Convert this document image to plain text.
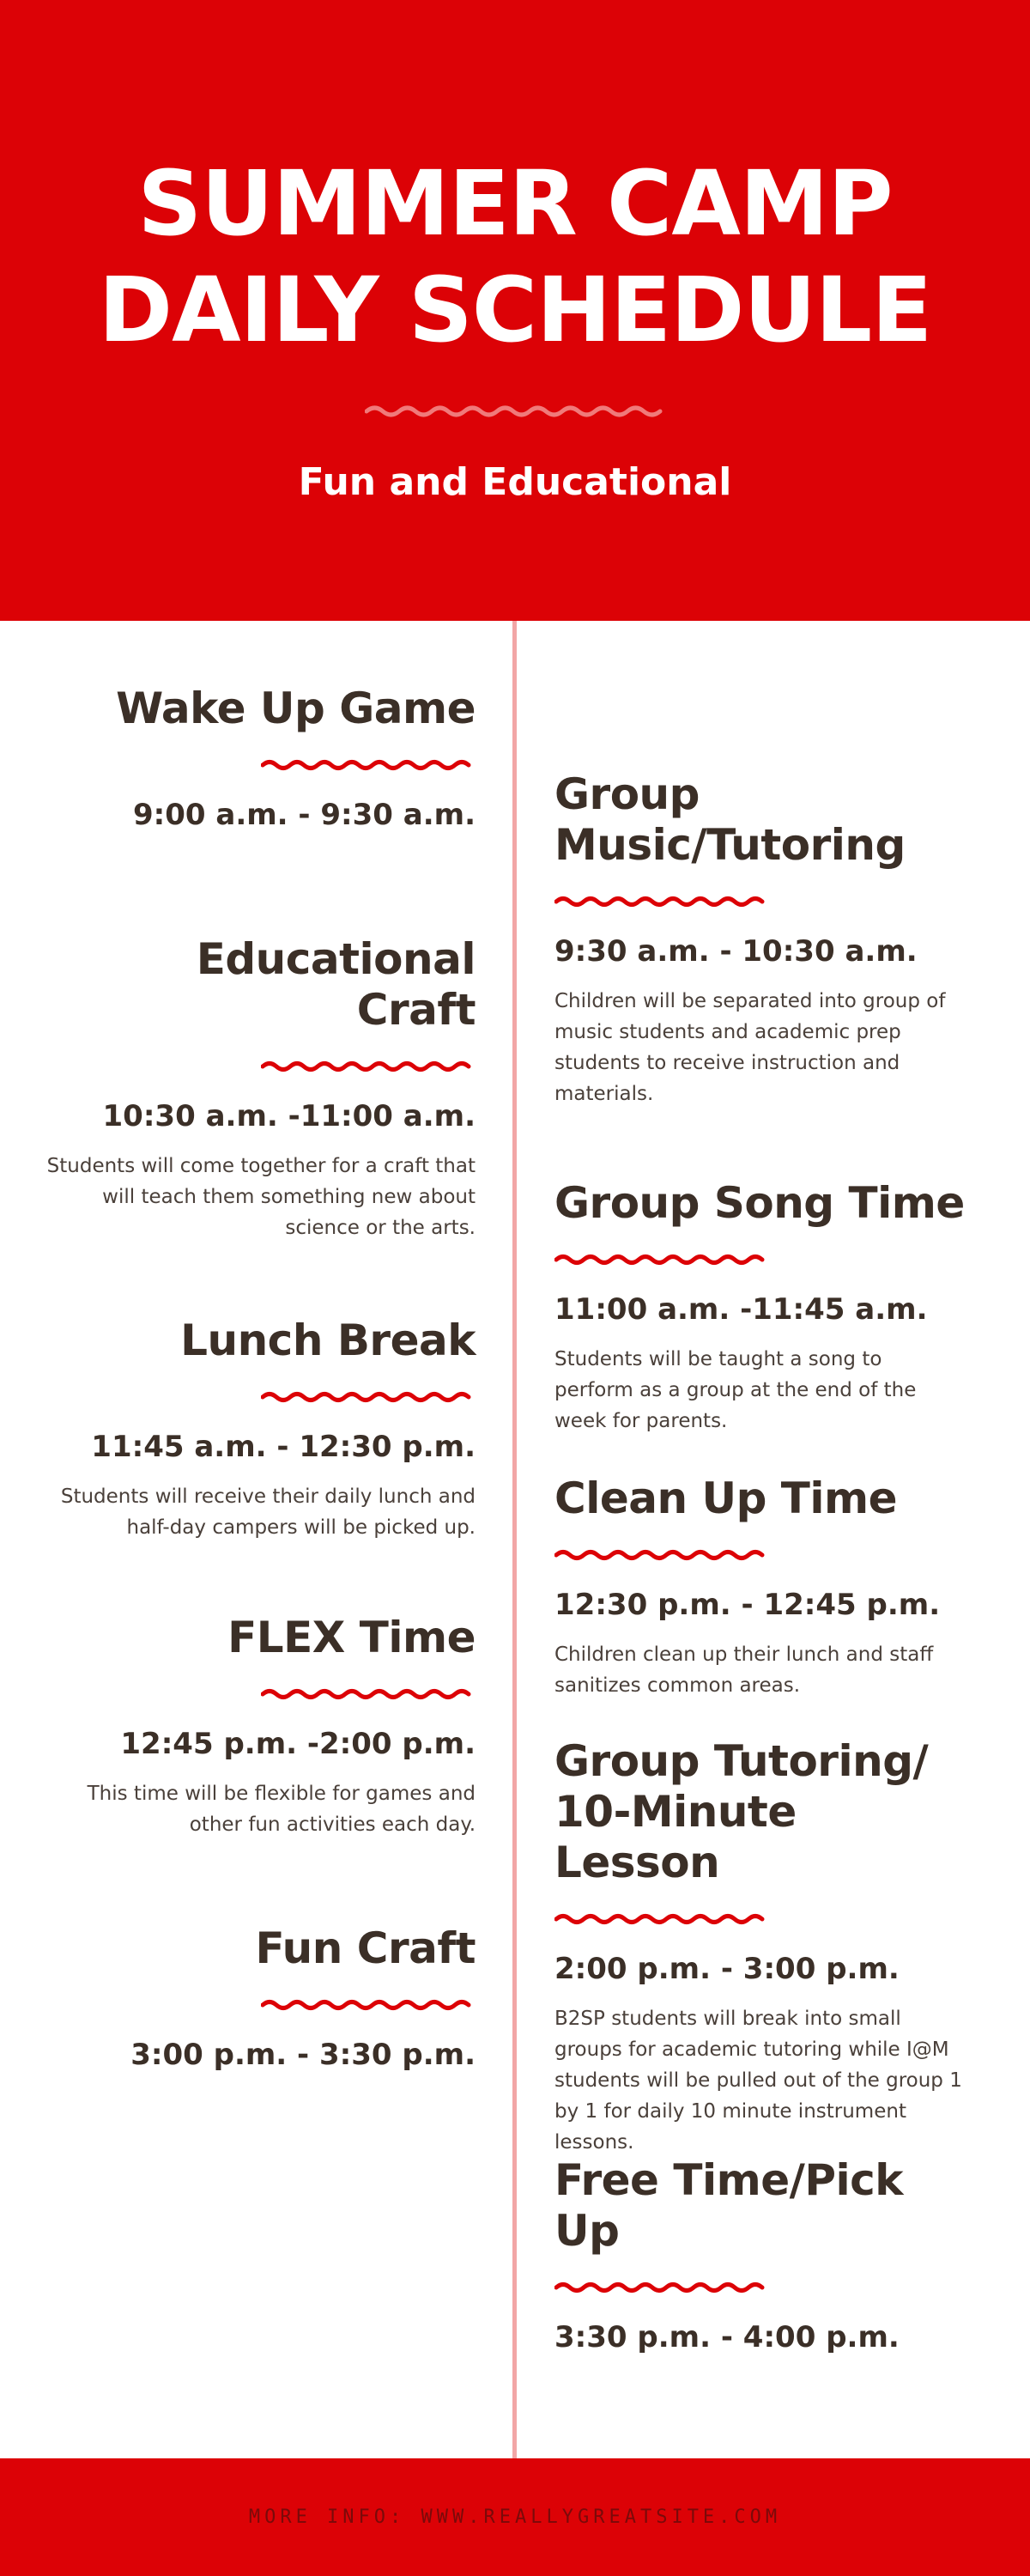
SUMMER CAMP
DAILY SCHEDULE
Fun and Educational
Wake Up Game
9:00 a.m. - 9:30 a.m.
Educational
Craft
10:30 a.m. -11:00 a.m.
Students will come together for a craft that will teach them something new about science or the arts.
Lunch Break
11:45 a.m. - 12:30 p.m.
Students will receive their daily lunch and half-day campers will be picked up.
FLEX Time
12:45 p.m. -2:00 p.m.
This time will be flexible for games and other fun activities each day.
Fun Craft
3:00 p.m. - 3:30 p.m.
Group Music/Tutoring
9:30 a.m. - 10:30 a.m.
Children will be separated into group of music students and academic prep students to receive instruction and materials.
Group Song Time
11:00 a.m. -11:45 a.m.
Students will be taught a song to perform as a group at the end of the week for parents.
Clean Up Time
12:30 p.m. - 12:45 p.m.
Children clean up their lunch and staff sanitizes common areas.
Group Tutoring/
10-Minute Lesson
2:00 p.m. - 3:00 p.m.
B2SP students will break into small groups for academic tutoring while I@M students will be pulled out of the group 1 by 1 for daily 10 minute instrument lessons.
Free Time/Pick Up
3:30 p.m. - 4:00 p.m.
MORE INFO: WWW.REALLYGREATSITE.COM
